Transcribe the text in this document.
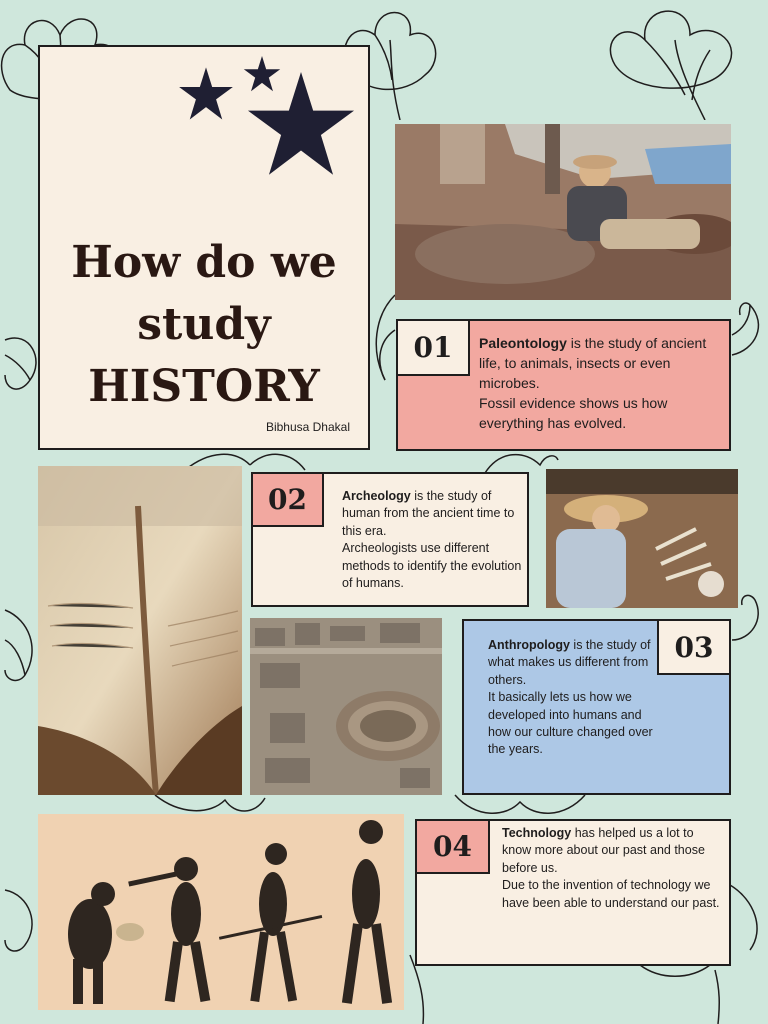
How do we
study
HISTORY
Bibhusa Dhakal

Paleontology is the study of ancient life, to animals, insects or even microbes.
Fossil evidence shows us how everything has evolved.

01

Archeology is the study of human from the ancient time to this era.
Archeologists use different methods to identify the evolution of humans.

02

Anthropology is the study of what makes us different from others.
It basically lets us how we developed into humans and how our culture changed over the years.

03

Technology has helped us a lot to know more about our past and those before us.
Due to the invention of technology we have been able to understand our past.

04
